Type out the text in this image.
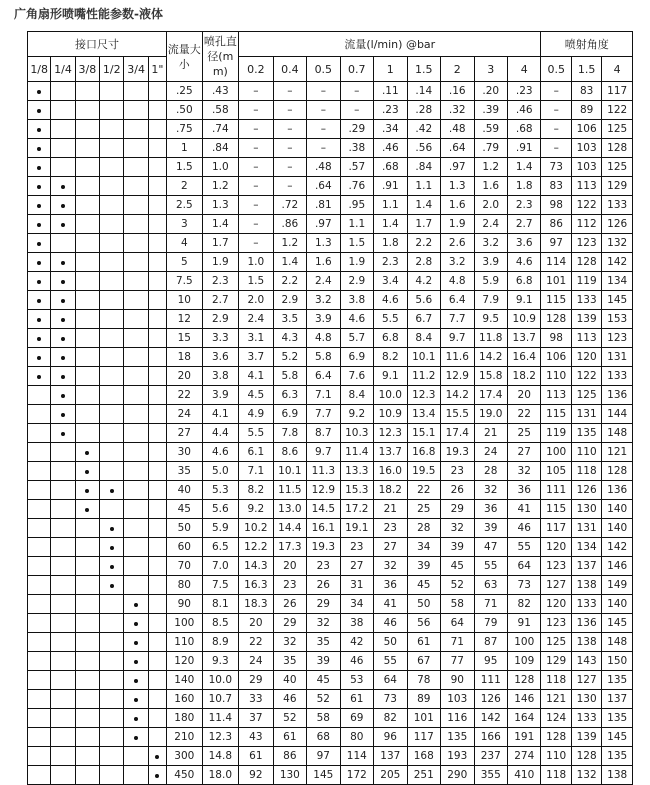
广角扇形喷嘴性能参数-液体
接口尺寸						流量大小	喷孔直径(mm)	流量(l/min) @bar									喷射角度		
1/8	1/4	3/8	1/2	3/4	1"			0.2	0.4	0.5	0.7	1	1.5	2	3	4	0.5	1.5	4
						.25	.43	–	–	–	–	.11	.14	.16	.20	.23	–	83	117
						.50	.58	–	–	–	–	.23	.28	.32	.39	.46	–	89	122
						.75	.74	–	–	–	.29	.34	.42	.48	.59	.68	–	106	125
						1	.84	–	–	–	.38	.46	.56	.64	.79	.91	–	103	128
						1.5	1.0	–	–	.48	.57	.68	.84	.97	1.2	1.4	73	103	125
						2	1.2	–	–	.64	.76	.91	1.1	1.3	1.6	1.8	83	113	129
						2.5	1.3	–	.72	.81	.95	1.1	1.4	1.6	2.0	2.3	98	122	133
						3	1.4	–	.86	.97	1.1	1.4	1.7	1.9	2.4	2.7	86	112	126
						4	1.7	–	1.2	1.3	1.5	1.8	2.2	2.6	3.2	3.6	97	123	132
						5	1.9	1.0	1.4	1.6	1.9	2.3	2.8	3.2	3.9	4.6	114	128	142
						7.5	2.3	1.5	2.2	2.4	2.9	3.4	4.2	4.8	5.9	6.8	101	119	134
						10	2.7	2.0	2.9	3.2	3.8	4.6	5.6	6.4	7.9	9.1	115	133	145
						12	2.9	2.4	3.5	3.9	4.6	5.5	6.7	7.7	9.5	10.9	128	139	153
						15	3.3	3.1	4.3	4.8	5.7	6.8	8.4	9.7	11.8	13.7	98	113	123
						18	3.6	3.7	5.2	5.8	6.9	8.2	10.1	11.6	14.2	16.4	106	120	131
						20	3.8	4.1	5.8	6.4	7.6	9.1	11.2	12.9	15.8	18.2	110	122	133
						22	3.9	4.5	6.3	7.1	8.4	10.0	12.3	14.2	17.4	20	113	125	136
						24	4.1	4.9	6.9	7.7	9.2	10.9	13.4	15.5	19.0	22	115	131	144
						27	4.4	5.5	7.8	8.7	10.3	12.3	15.1	17.4	21	25	119	135	148
						30	4.6	6.1	8.6	9.7	11.4	13.7	16.8	19.3	24	27	100	110	121
						35	5.0	7.1	10.1	11.3	13.3	16.0	19.5	23	28	32	105	118	128
						40	5.3	8.2	11.5	12.9	15.3	18.2	22	26	32	36	111	126	136
						45	5.6	9.2	13.0	14.5	17.2	21	25	29	36	41	115	130	140
						50	5.9	10.2	14.4	16.1	19.1	23	28	32	39	46	117	131	140
						60	6.5	12.2	17.3	19.3	23	27	34	39	47	55	120	134	142
						70	7.0	14.3	20	23	27	32	39	45	55	64	123	137	146
						80	7.5	16.3	23	26	31	36	45	52	63	73	127	138	149
						90	8.1	18.3	26	29	34	41	50	58	71	82	120	133	140
						100	8.5	20	29	32	38	46	56	64	79	91	123	136	145
						110	8.9	22	32	35	42	50	61	71	87	100	125	138	148
						120	9.3	24	35	39	46	55	67	77	95	109	129	143	150
						140	10.0	29	40	45	53	64	78	90	111	128	118	127	135
						160	10.7	33	46	52	61	73	89	103	126	146	121	130	137
						180	11.4	37	52	58	69	82	101	116	142	164	124	133	135
						210	12.3	43	61	68	80	96	117	135	166	191	128	139	145
						300	14.8	61	86	97	114	137	168	193	237	274	110	128	135
						450	18.0	92	130	145	172	205	251	290	355	410	118	132	138
